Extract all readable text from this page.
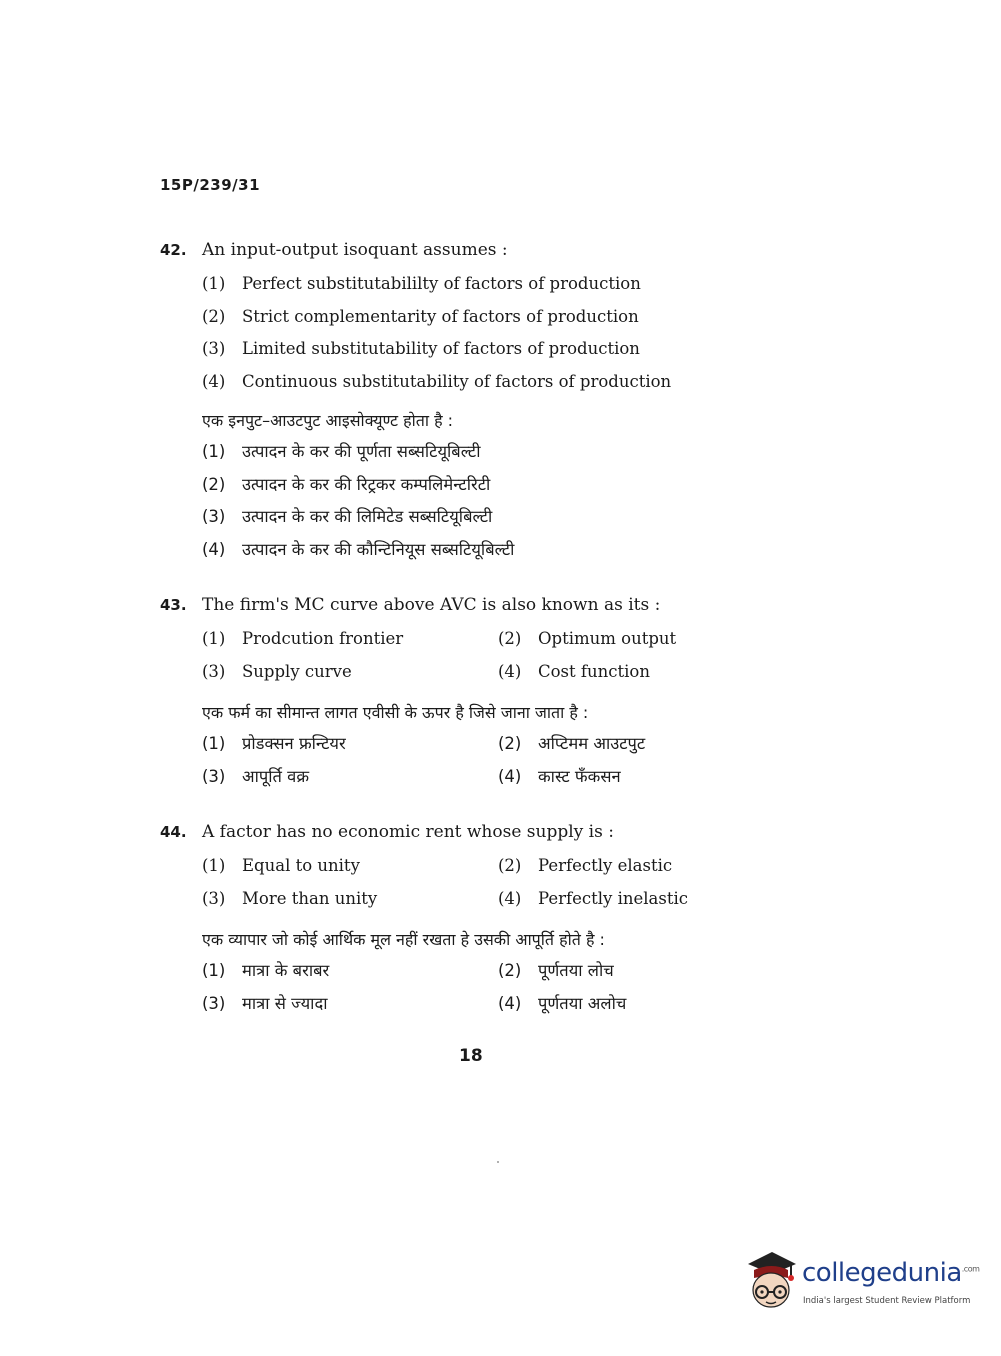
15P/239/31
42. An input-output isoquant assumes :
(1) Perfect substitutabililty of factors of production
(2) Strict complementarity of factors of production
(3) Limited substitutability of factors of production
(4) Continuous substitutability of factors of production
एक इनपुट–आउटपुट आइसोक्यूण्ट होता है :
(1) उत्पादन के कर की पूर्णता सब्सटियूबिल्टी
(2) उत्पादन के कर की रिट्रकर कम्पलिमेन्टरिटी
(3) उत्पादन के कर की लिमिटेड सब्सटियूबिल्टी
(4) उत्पादन के कर की कौन्टिनियूस सब्सटियूबिल्टी
43. The firm's MC curve above AVC is also known as its :
(1) Prodcution frontier	(2) Optimum output
(3) Supply curve	(4) Cost function
एक फर्म का सीमान्त लागत एवीसी के ऊपर है जिसे जाना जाता है :
(1) प्रोडक्सन फ्रन्टियर	(2) अप्टिमम आउटपुट
(3) आपूर्ति वक्र	(4) कास्ट फँकसन
44. A factor has no economic rent whose supply is :
(1) Equal to unity	(2) Perfectly elastic
(3) More than unity	(4) Perfectly inelastic
एक व्यापार जो कोई आर्थिक मूल नहीं रखता हे उसकी आपूर्ति होते है :
(1) मात्रा के बराबर	(2) पूर्णतया लोच
(3) मात्रा से ज्यादा	(4) पूर्णतया अलोच
18
collegedunia$^{.com}$
India's largest Student Review Platform
